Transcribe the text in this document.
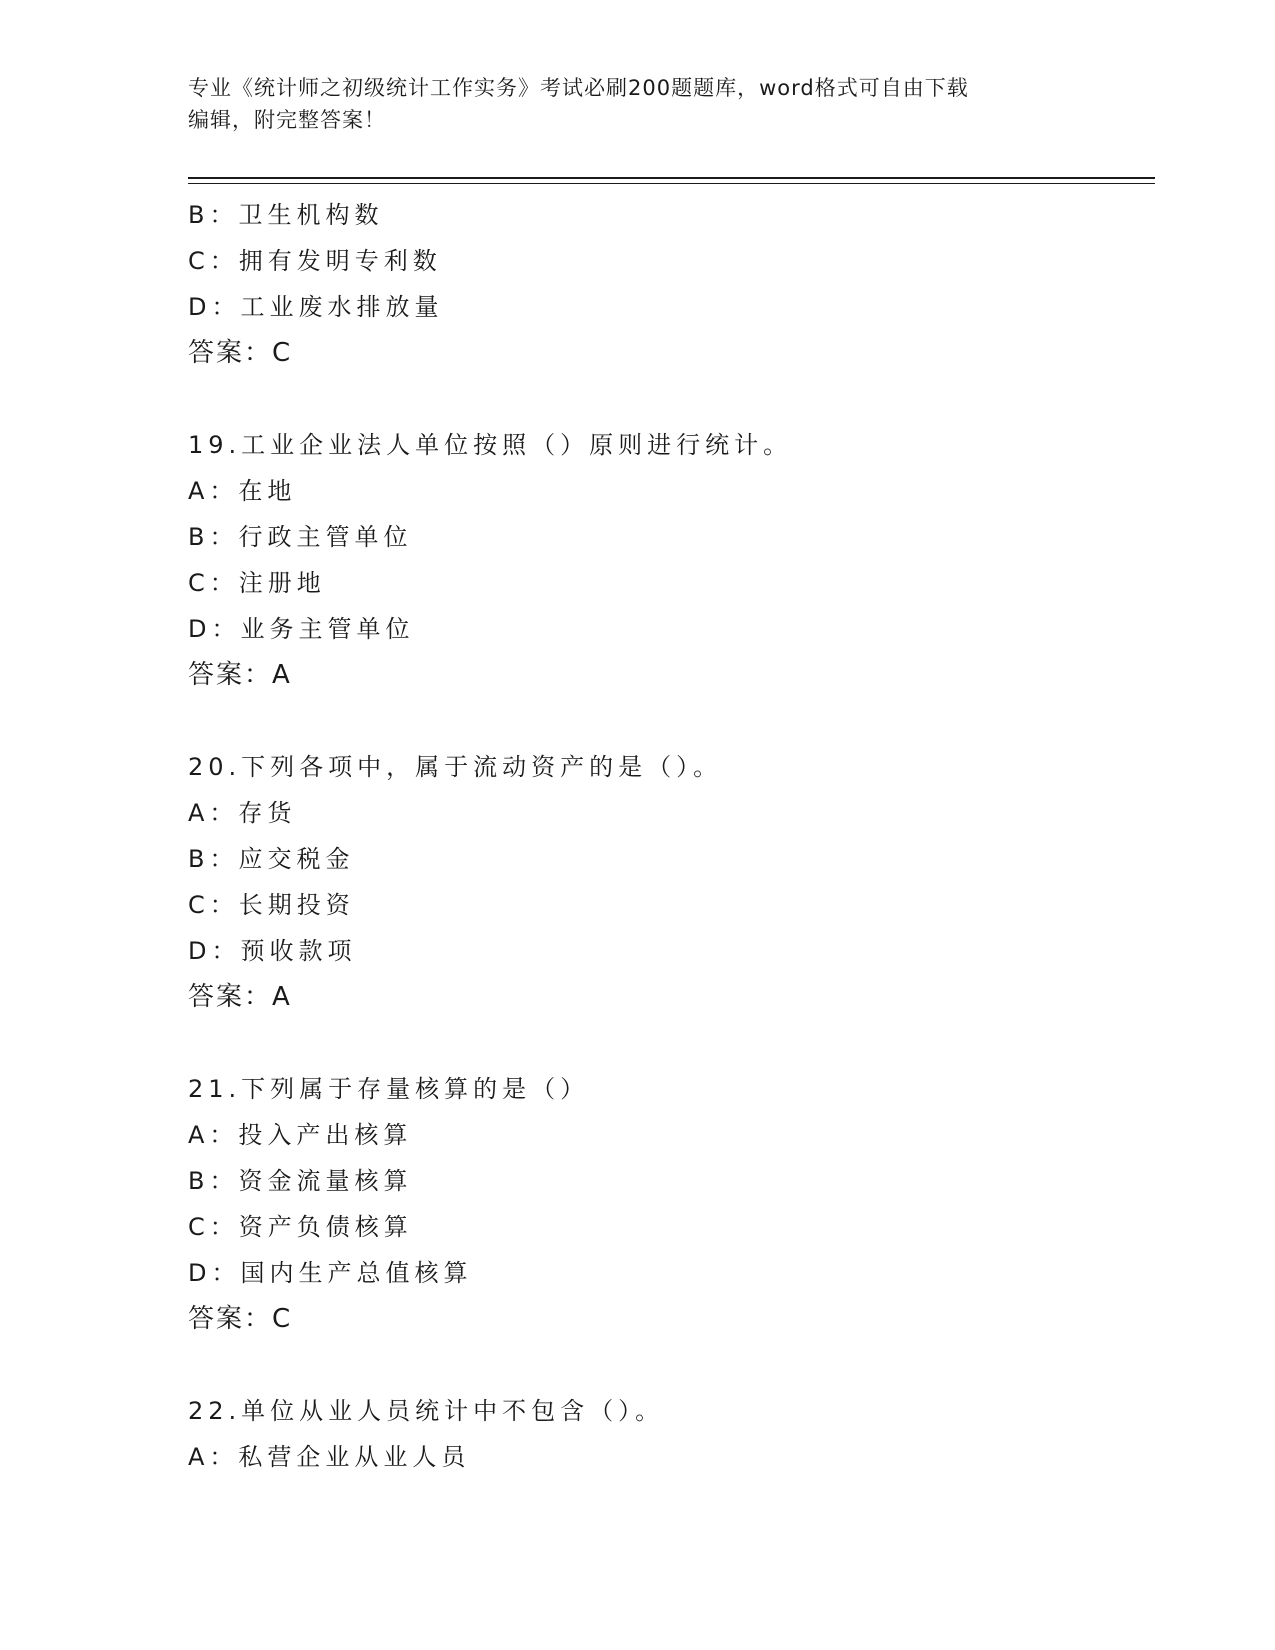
专业《统计师之初级统计工作实务》考试必刷200题题库，word格式可自由下载
编辑，附完整答案！
B：卫生机构数
C：拥有发明专利数
D：工业废水排放量
答案：C
19.工业企业法人单位按照（）原则进行统计。
A：在地
B：行政主管单位
C：注册地
D：业务主管单位
答案：A
20.下列各项中，属于流动资产的是（）。
A：存货
B：应交税金
C：长期投资
D：预收款项
答案：A
21.下列属于存量核算的是（）
A：投入产出核算
B：资金流量核算
C：资产负债核算
D：国内生产总值核算
答案：C
22.单位从业人员统计中不包含（）。
A：私营企业从业人员
